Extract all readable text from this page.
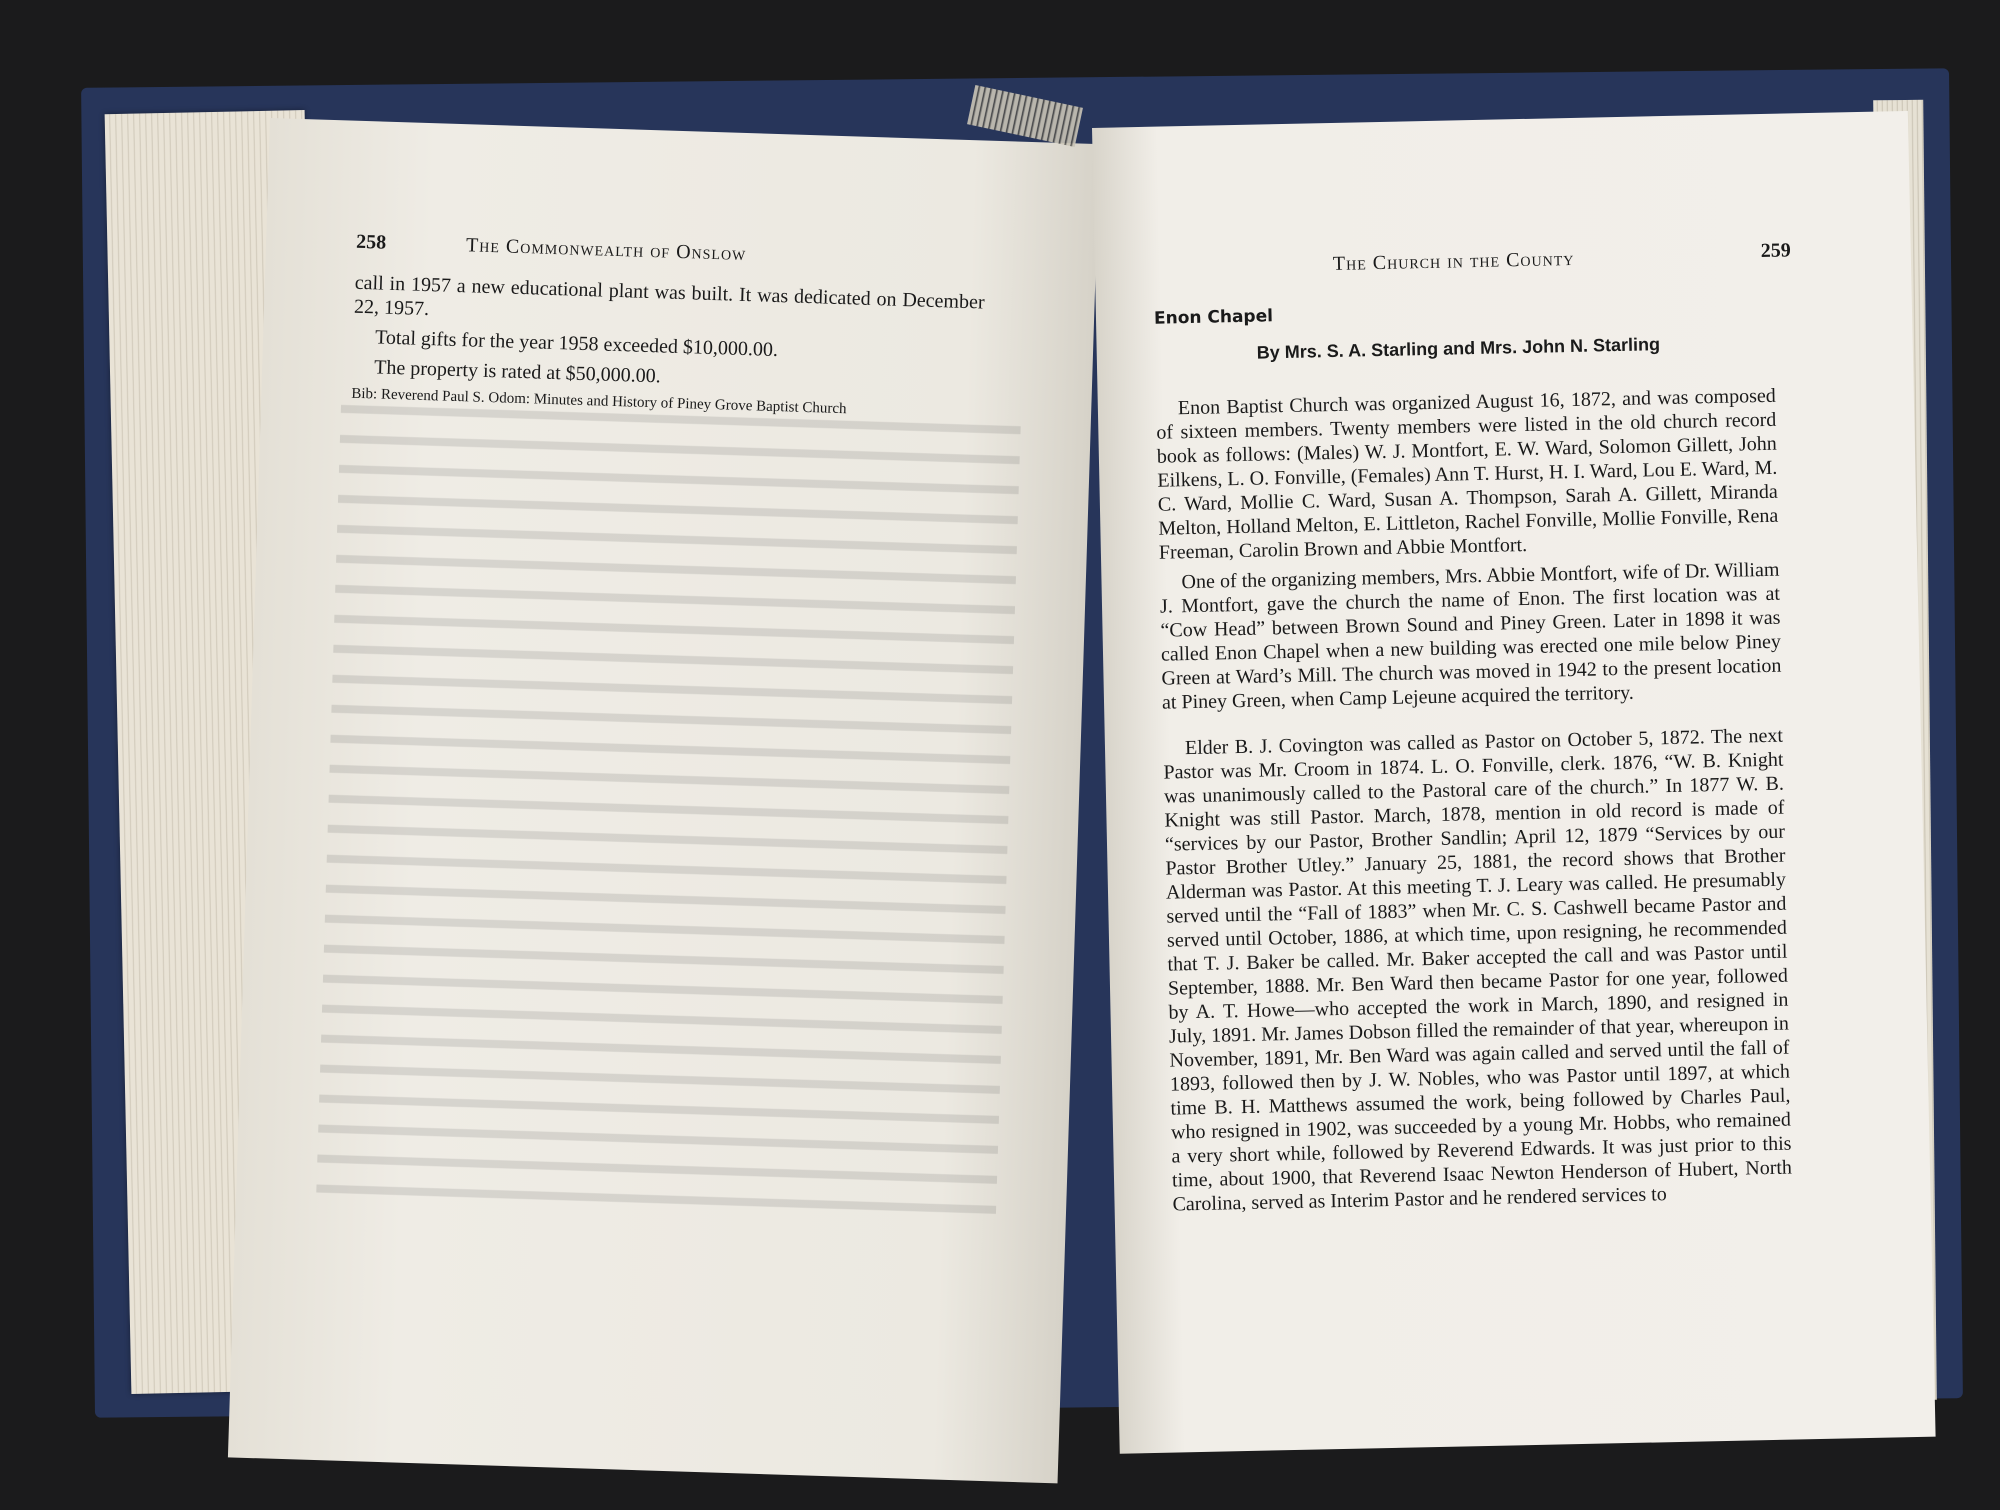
258	The Commonwealth of Onslow

call in 1957 a new educational plant was built. It was dedicated on December 22, 1957.

Total gifts for the year 1958 exceeded $10,000.00.

The property is rated at $50,000.00.

Bib: Reverend Paul S. Odom: Minutes and History of Piney Grove Baptist Church

The Church in the County	259
Enon Chapel
By Mrs. S. A. Starling and Mrs. John N. Starling

Enon Baptist Church was organized August 16, 1872, and was composed of sixteen members. Twenty members were listed in the old church record book as follows: (Males) W. J. Montfort, E. W. Ward, Solomon Gillett, John Eilkens, L. O. Fonville, (Females) Ann T. Hurst, H. I. Ward, Lou E. Ward, M. C. Ward, Mollie C. Ward, Susan A. Thompson, Sarah A. Gillett, Miranda Melton, Holland Melton, E. Littleton, Rachel Fonville, Mollie Fonville, Rena Freeman, Carolin Brown and Abbie Montfort.

One of the organizing members, Mrs. Abbie Montfort, wife of Dr. William J. Montfort, gave the church the name of Enon. The first location was at “Cow Head” between Brown Sound and Piney Green. Later in 1898 it was called Enon Chapel when a new building was erected one mile below Piney Green at Ward’s Mill. The church was moved in 1942 to the present location at Piney Green, when Camp Lejeune acquired the territory.

Elder B. J. Covington was called as Pastor on October 5, 1872. The next Pastor was Mr. Croom in 1874. L. O. Fonville, clerk. 1876, “W. B. Knight was unanimously called to the Pastoral care of the church.” In 1877 W. B. Knight was still Pastor. March, 1878, mention in old record is made of “services by our Pastor, Brother Sandlin; April 12, 1879 “Services by our Pastor Brother Utley.” January 25, 1881, the record shows that Brother Alderman was Pastor. At this meeting T. J. Leary was called. He presumably served until the “Fall of 1883” when Mr. C. S. Cashwell became Pastor and served until October, 1886, at which time, upon resigning, he recommended that T. J. Baker be called. Mr. Baker accepted the call and was Pastor until September, 1888. Mr. Ben Ward then became Pastor for one year, followed by A. T. Howe—who accepted the work in March, 1890, and resigned in July, 1891. Mr. James Dobson filled the remainder of that year, whereupon in November, 1891, Mr. Ben Ward was again called and served until the fall of 1893, followed then by J. W. Nobles, who was Pastor until 1897, at which time B. H. Matthews assumed the work, being followed by Charles Paul, who resigned in 1902, was succeeded by a young Mr. Hobbs, who remained a very short while, followed by Reverend Edwards. It was just prior to this time, about 1900, that Reverend Isaac Newton Henderson of Hubert, North Carolina, served as Interim Pastor and he rendered services to
